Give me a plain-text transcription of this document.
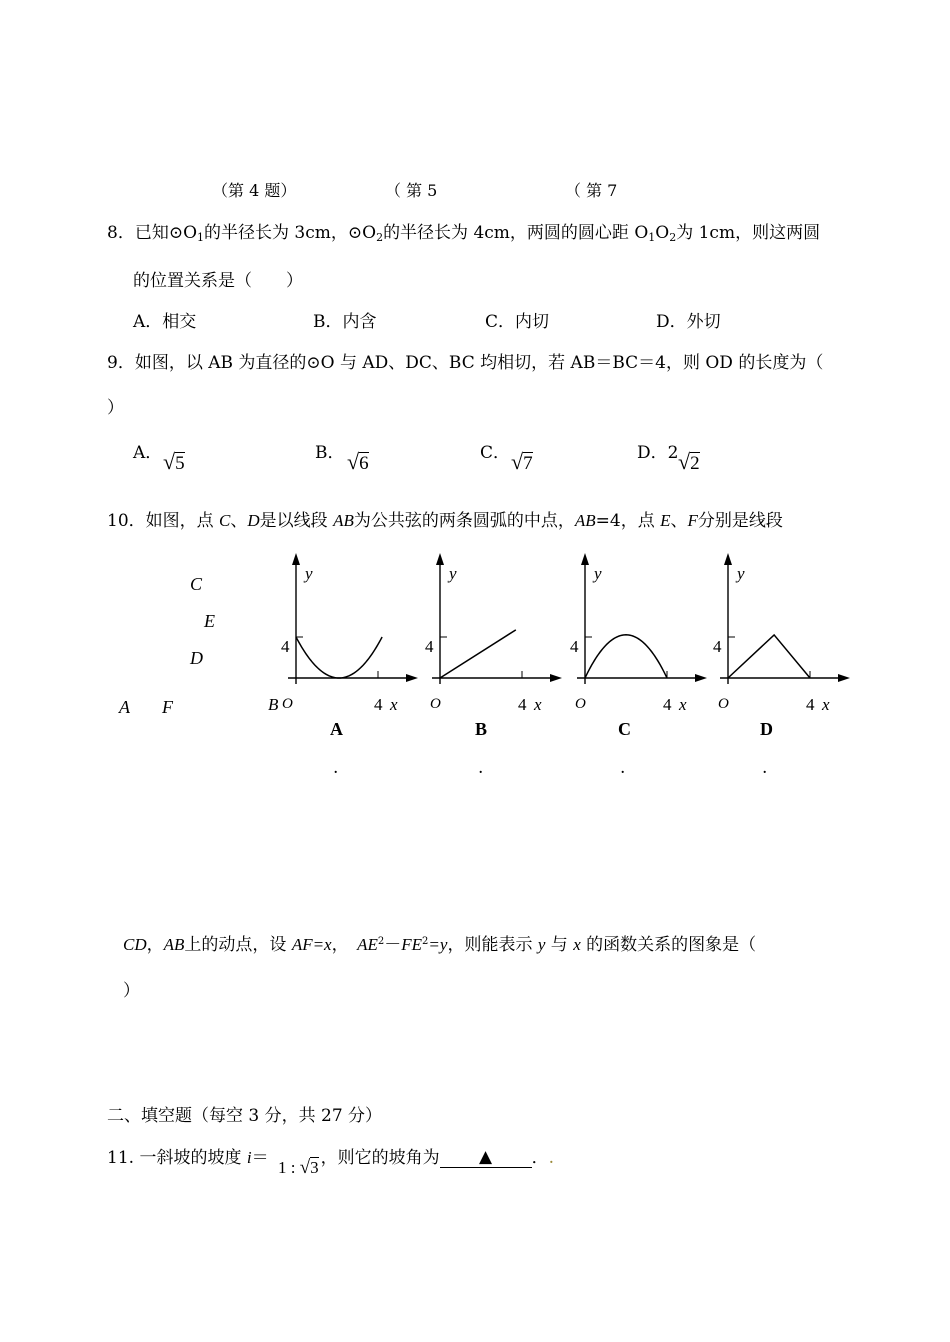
（第 4 题）	（ 第 5	（ 第 7
8．已知$⊙O_1$的半径长为 3cm，$⊙O_2$的半径长为 4cm，两圆的圆心距 $O_1O_2$为 1cm，则这两圆
的位置关系是（　　）
A．相交	B．内含	C．内切	D．外切
9．如图，以 AB 为直径的⊙O 与 AD、DC、BC 均相切，若 AB＝BC＝4，则 OD 的长度为（
）
A． √5	B． √6	C． √7	D．2 √2
10．如图，点 C、D是以线段 AB为公共弦的两条圆弧的中点，AB=4，点 E、F分别是线段
C
E
D
A F	B
4
4 x
y
O
4
4 x
y
O
4
4 x
y
O
4
4 x
y
O
A	B	C	D
.	.	.	.
CD，AB上的动点，设 AF=x，　$AE^2-FE^2=y$，则能表示 y 与 x 的函数关系的图象是（
）
二、填空题（每空 3 分，共 27 分）
11. 一斜坡的坡度 i＝	，则它的坡角为 ▲ ．.
1 : √3
